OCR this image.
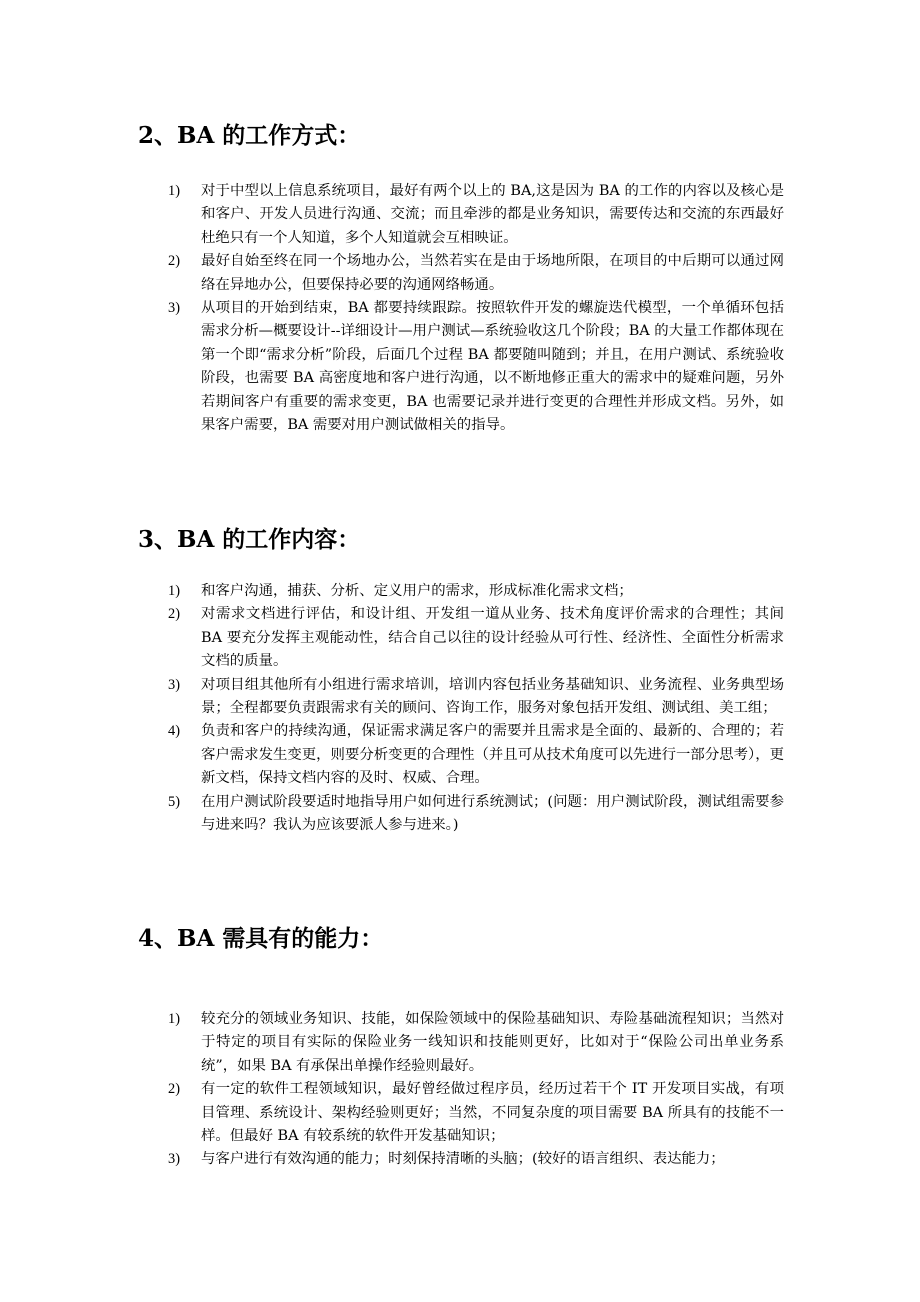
2、BA 的工作方式：
1) 对于中型以上信息系统项目，最好有两个以上的 BA,这是因为 BA 的工作的内容以及核心是和客户、开发人员进行沟通、交流；而且牵涉的都是业务知识，需要传达和交流的东西最好杜绝只有一个人知道，多个人知道就会互相映证。
2) 最好自始至终在同一个场地办公，当然若实在是由于场地所限，在项目的中后期可以通过网络在异地办公，但要保持必要的沟通网络畅通。
3) 从项目的开始到结束，BA 都要持续跟踪。按照软件开发的螺旋迭代模型，一个单循环包括需求分析—概要设计--详细设计—用户测试—系统验收这几个阶段；BA 的大量工作都体现在第一个即“需求分析”阶段，后面几个过程 BA 都要随叫随到；并且，在用户测试、系统验收阶段，也需要 BA 高密度地和客户进行沟通，以不断地修正重大的需求中的疑难问题，另外若期间客户有重要的需求变更，BA 也需要记录并进行变更的合理性并形成文档。另外，如果客户需要，BA 需要对用户测试做相关的指导。
3、BA 的工作内容：
1) 和客户沟通，捕获、分析、定义用户的需求，形成标准化需求文档；
2) 对需求文档进行评估，和设计组、开发组一道从业务、技术角度评价需求的合理性；其间 BA 要充分发挥主观能动性，结合自己以往的设计经验从可行性、经济性、全面性分析需求文档的质量。
3) 对项目组其他所有小组进行需求培训，培训内容包括业务基础知识、业务流程、业务典型场景；全程都要负责跟需求有关的顾问、咨询工作，服务对象包括开发组、测试组、美工组；
4) 负责和客户的持续沟通，保证需求满足客户的需要并且需求是全面的、最新的、合理的；若客户需求发生变更，则要分析变更的合理性（并且可从技术角度可以先进行一部分思考），更新文档，保持文档内容的及时、权威、合理。
5) 在用户测试阶段要适时地指导用户如何进行系统测试；(问题：用户测试阶段，测试组需要参与进来吗？我认为应该要派人参与进来。)
4、BA 需具有的能力：
1) 较充分的领域业务知识、技能，如保险领域中的保险基础知识、寿险基础流程知识；当然对于特定的项目有实际的保险业务一线知识和技能则更好，比如对于“保险公司出单业务系统”，如果 BA 有承保出单操作经验则最好。
2) 有一定的软件工程领域知识，最好曾经做过程序员，经历过若干个 IT 开发项目实战，有项目管理、系统设计、架构经验则更好；当然，不同复杂度的项目需要 BA 所具有的技能不一样。但最好 BA 有较系统的软件开发基础知识；
3) 与客户进行有效沟通的能力；时刻保持清晰的头脑；(较好的语言组织、表达能力；
